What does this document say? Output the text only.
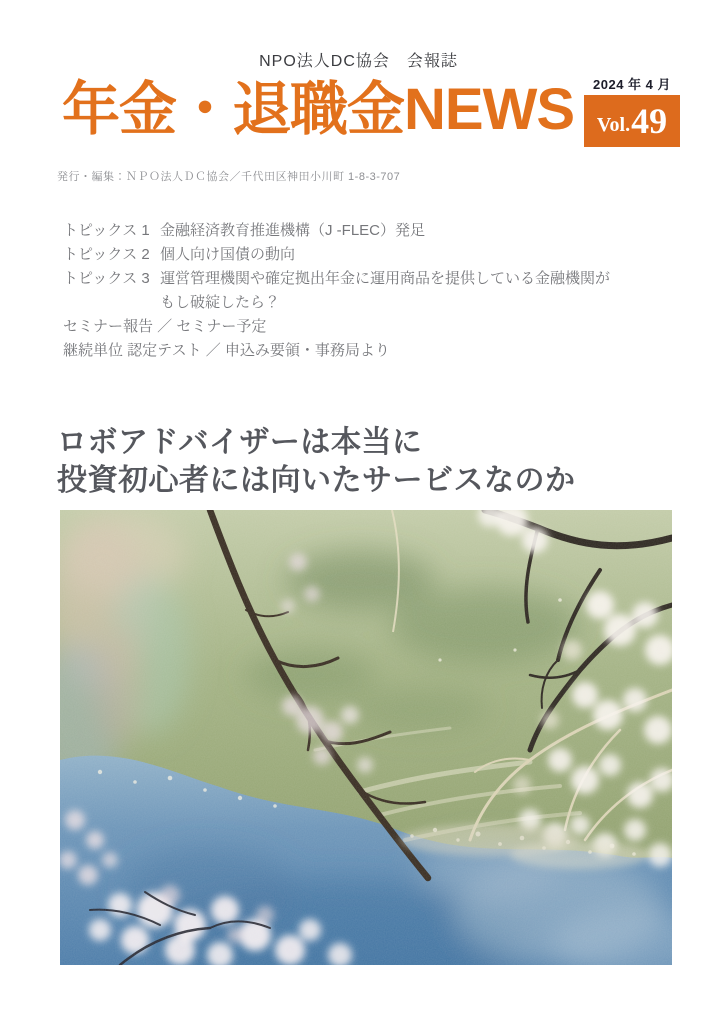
NPO法人DC協会　会報誌
年金・退職金NEWS	2024 年 4 月
Vol. 49
発行・編集：ＮＰＯ法人ＤＣ協会／千代田区神田小川町 1-8-3-707
トピックス 1 金融経済教育推進機構（J -FLEC）発足
トピックス 2 個人向け国債の動向
トピックス 3 運営管理機関や確定拠出年金に運用商品を提供している金融機関が
もし破綻したら？
セミナー報告 ／ セミナー予定
継続単位 認定テスト ／ 申込み要領・事務局より
ロボアドバイザーは本当に
投資初心者には向いたサービスなのか
